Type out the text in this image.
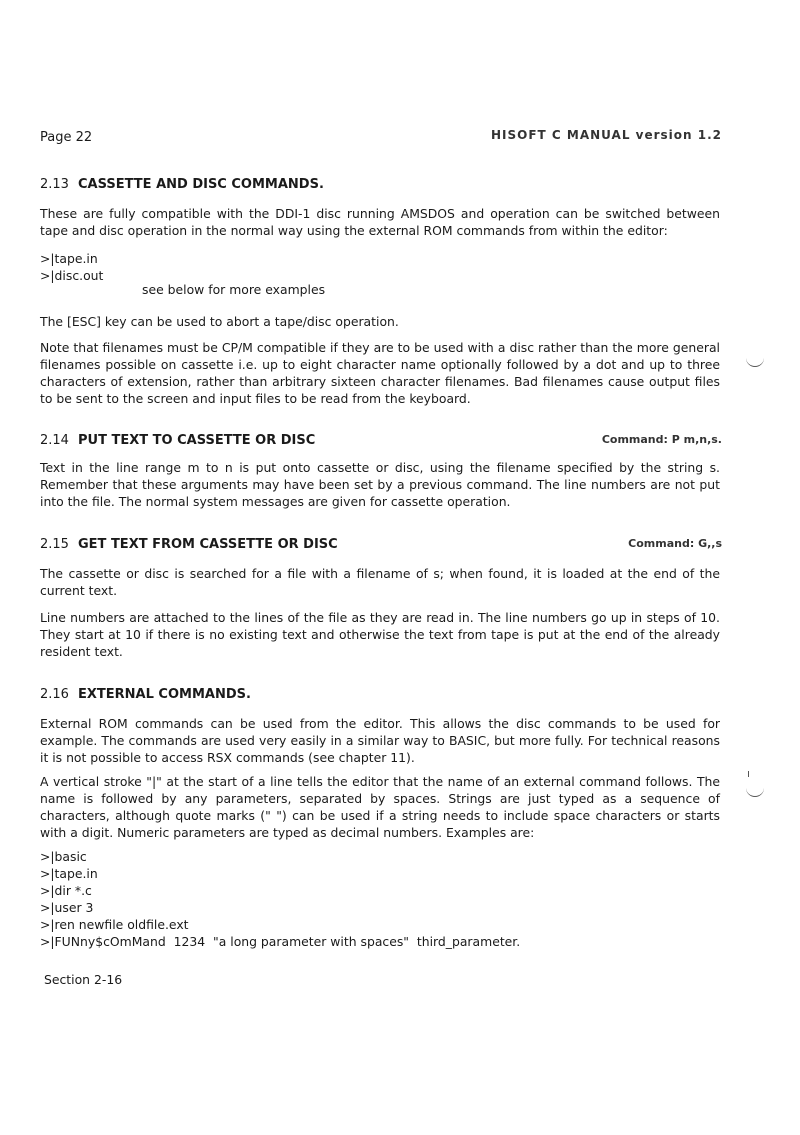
Page 22	HISOFT C MANUAL version 1.2
2.13 CASSETTE AND DISC COMMANDS.
These are fully compatible with the DDI-1 disc running AMSDOS and operation can be switched between tape and disc operation in the normal way using the external ROM commands from within the editor:
>|tape.in
>|disc.out
see below for more examples
The [ESC] key can be used to abort a tape/disc operation.
Note that filenames must be CP/M compatible if they are to be used with a disc rather than the more general filenames possible on cassette i.e. up to eight character name optionally followed by a dot and up to three characters of extension, rather than arbitrary sixteen character filenames. Bad filenames cause output files to be sent to the screen and input files to be read from the keyboard.
2.14 PUT TEXT TO CASSETTE OR DISC	Command: P m,n,s.
Text in the line range m to n is put onto cassette or disc, using the filename specified by the string s. Remember that these arguments may have been set by a previous command. The line numbers are not put into the file. The normal system messages are given for cassette operation.
2.15 GET TEXT FROM CASSETTE OR DISC	Command: G,,s
The cassette or disc is searched for a file with a filename of s; when found, it is loaded at the end of the current text.
Line numbers are attached to the lines of the file as they are read in. The line numbers go up in steps of 10. They start at 10 if there is no existing text and otherwise the text from tape is put at the end of the already resident text.
2.16 EXTERNAL COMMANDS.
External ROM commands can be used from the editor. This allows the disc commands to be used for example. The commands are used very easily in a similar way to BASIC, but more fully. For technical reasons it is not possible to access RSX commands (see chapter 11).
A vertical stroke "|" at the start of a line tells the editor that the name of an external command follows. The name is followed by any parameters, separated by spaces. Strings are just typed as a sequence of characters, although quote marks (" ") can be used if a string needs to include space characters or starts with a digit. Numeric parameters are typed as decimal numbers. Examples are:
>|basic
>|tape.in
>|dir *.c
>|user 3
>|ren newfile oldfile.ext
>|FUNny$cOmMand  1234  "a long parameter with spaces"  third_parameter.
Section 2-16
